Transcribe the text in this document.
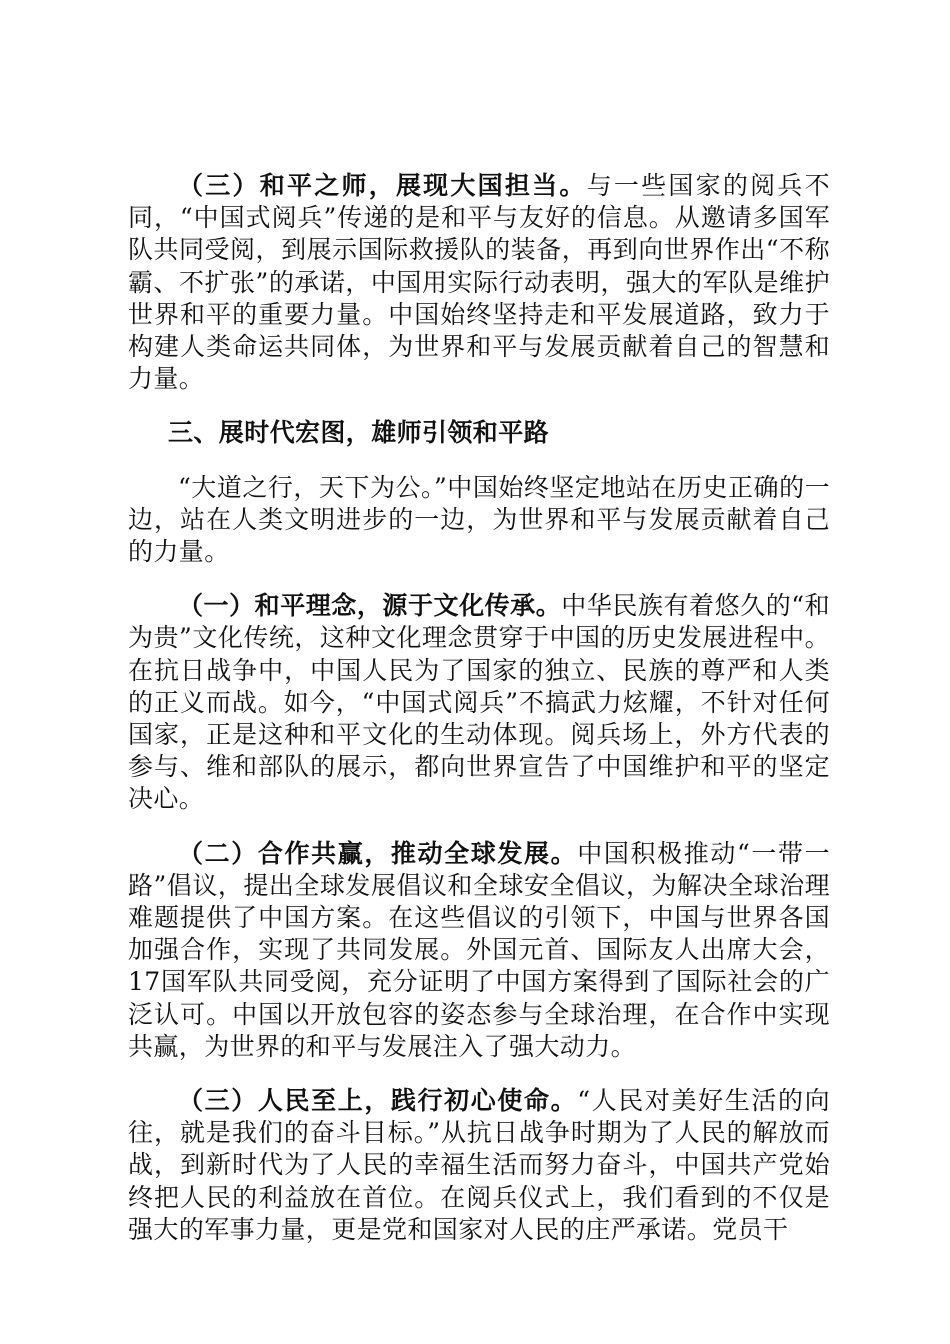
（三）和平之师，展现大国担当。与一些国家的阅兵不同，“中国式阅兵”传递的是和平与友好的信息。从邀请多国军队共同受阅，到展示国际救援队的装备，再到向世界作出“不称霸、不扩张”的承诺，中国用实际行动表明，强大的军队是维护世界和平的重要力量。中国始终坚持走和平发展道路，致力于构建人类命运共同体，为世界和平与发展贡献着自己的智慧和力量。

三、展时代宏图，雄师引领和平路

“大道之行，天下为公。”中国始终坚定地站在历史正确的一边，站在人类文明进步的一边，为世界和平与发展贡献着自己的力量。

（一）和平理念，源于文化传承。中华民族有着悠久的“和为贵”文化传统，这种文化理念贯穿于中国的历史发展进程中。在抗日战争中，中国人民为了国家的独立、民族的尊严和人类的正义而战。如今，“中国式阅兵”不搞武力炫耀，不针对任何国家，正是这种和平文化的生动体现。阅兵场上，外方代表的参与、维和部队的展示，都向世界宣告了中国维护和平的坚定决心。

（二）合作共赢，推动全球发展。中国积极推动“一带一路”倡议，提出全球发展倡议和全球安全倡议，为解决全球治理难题提供了中国方案。在这些倡议的引领下，中国与世界各国加强合作，实现了共同发展。外国元首、国际友人出席大会，17国军队共同受阅，充分证明了中国方案得到了国际社会的广泛认可。中国以开放包容的姿态参与全球治理，在合作中实现共赢，为世界的和平与发展注入了强大动力。

（三）人民至上，践行初心使命。“人民对美好生活的向往，就是我们的奋斗目标。”从抗日战争时期为了人民的解放而战，到新时代为了人民的幸福生活而努力奋斗，中国共产党始终把人民的利益放在首位。在阅兵仪式上，我们看到的不仅是强大的军事力量，更是党和国家对人民的庄严承诺。党员干
